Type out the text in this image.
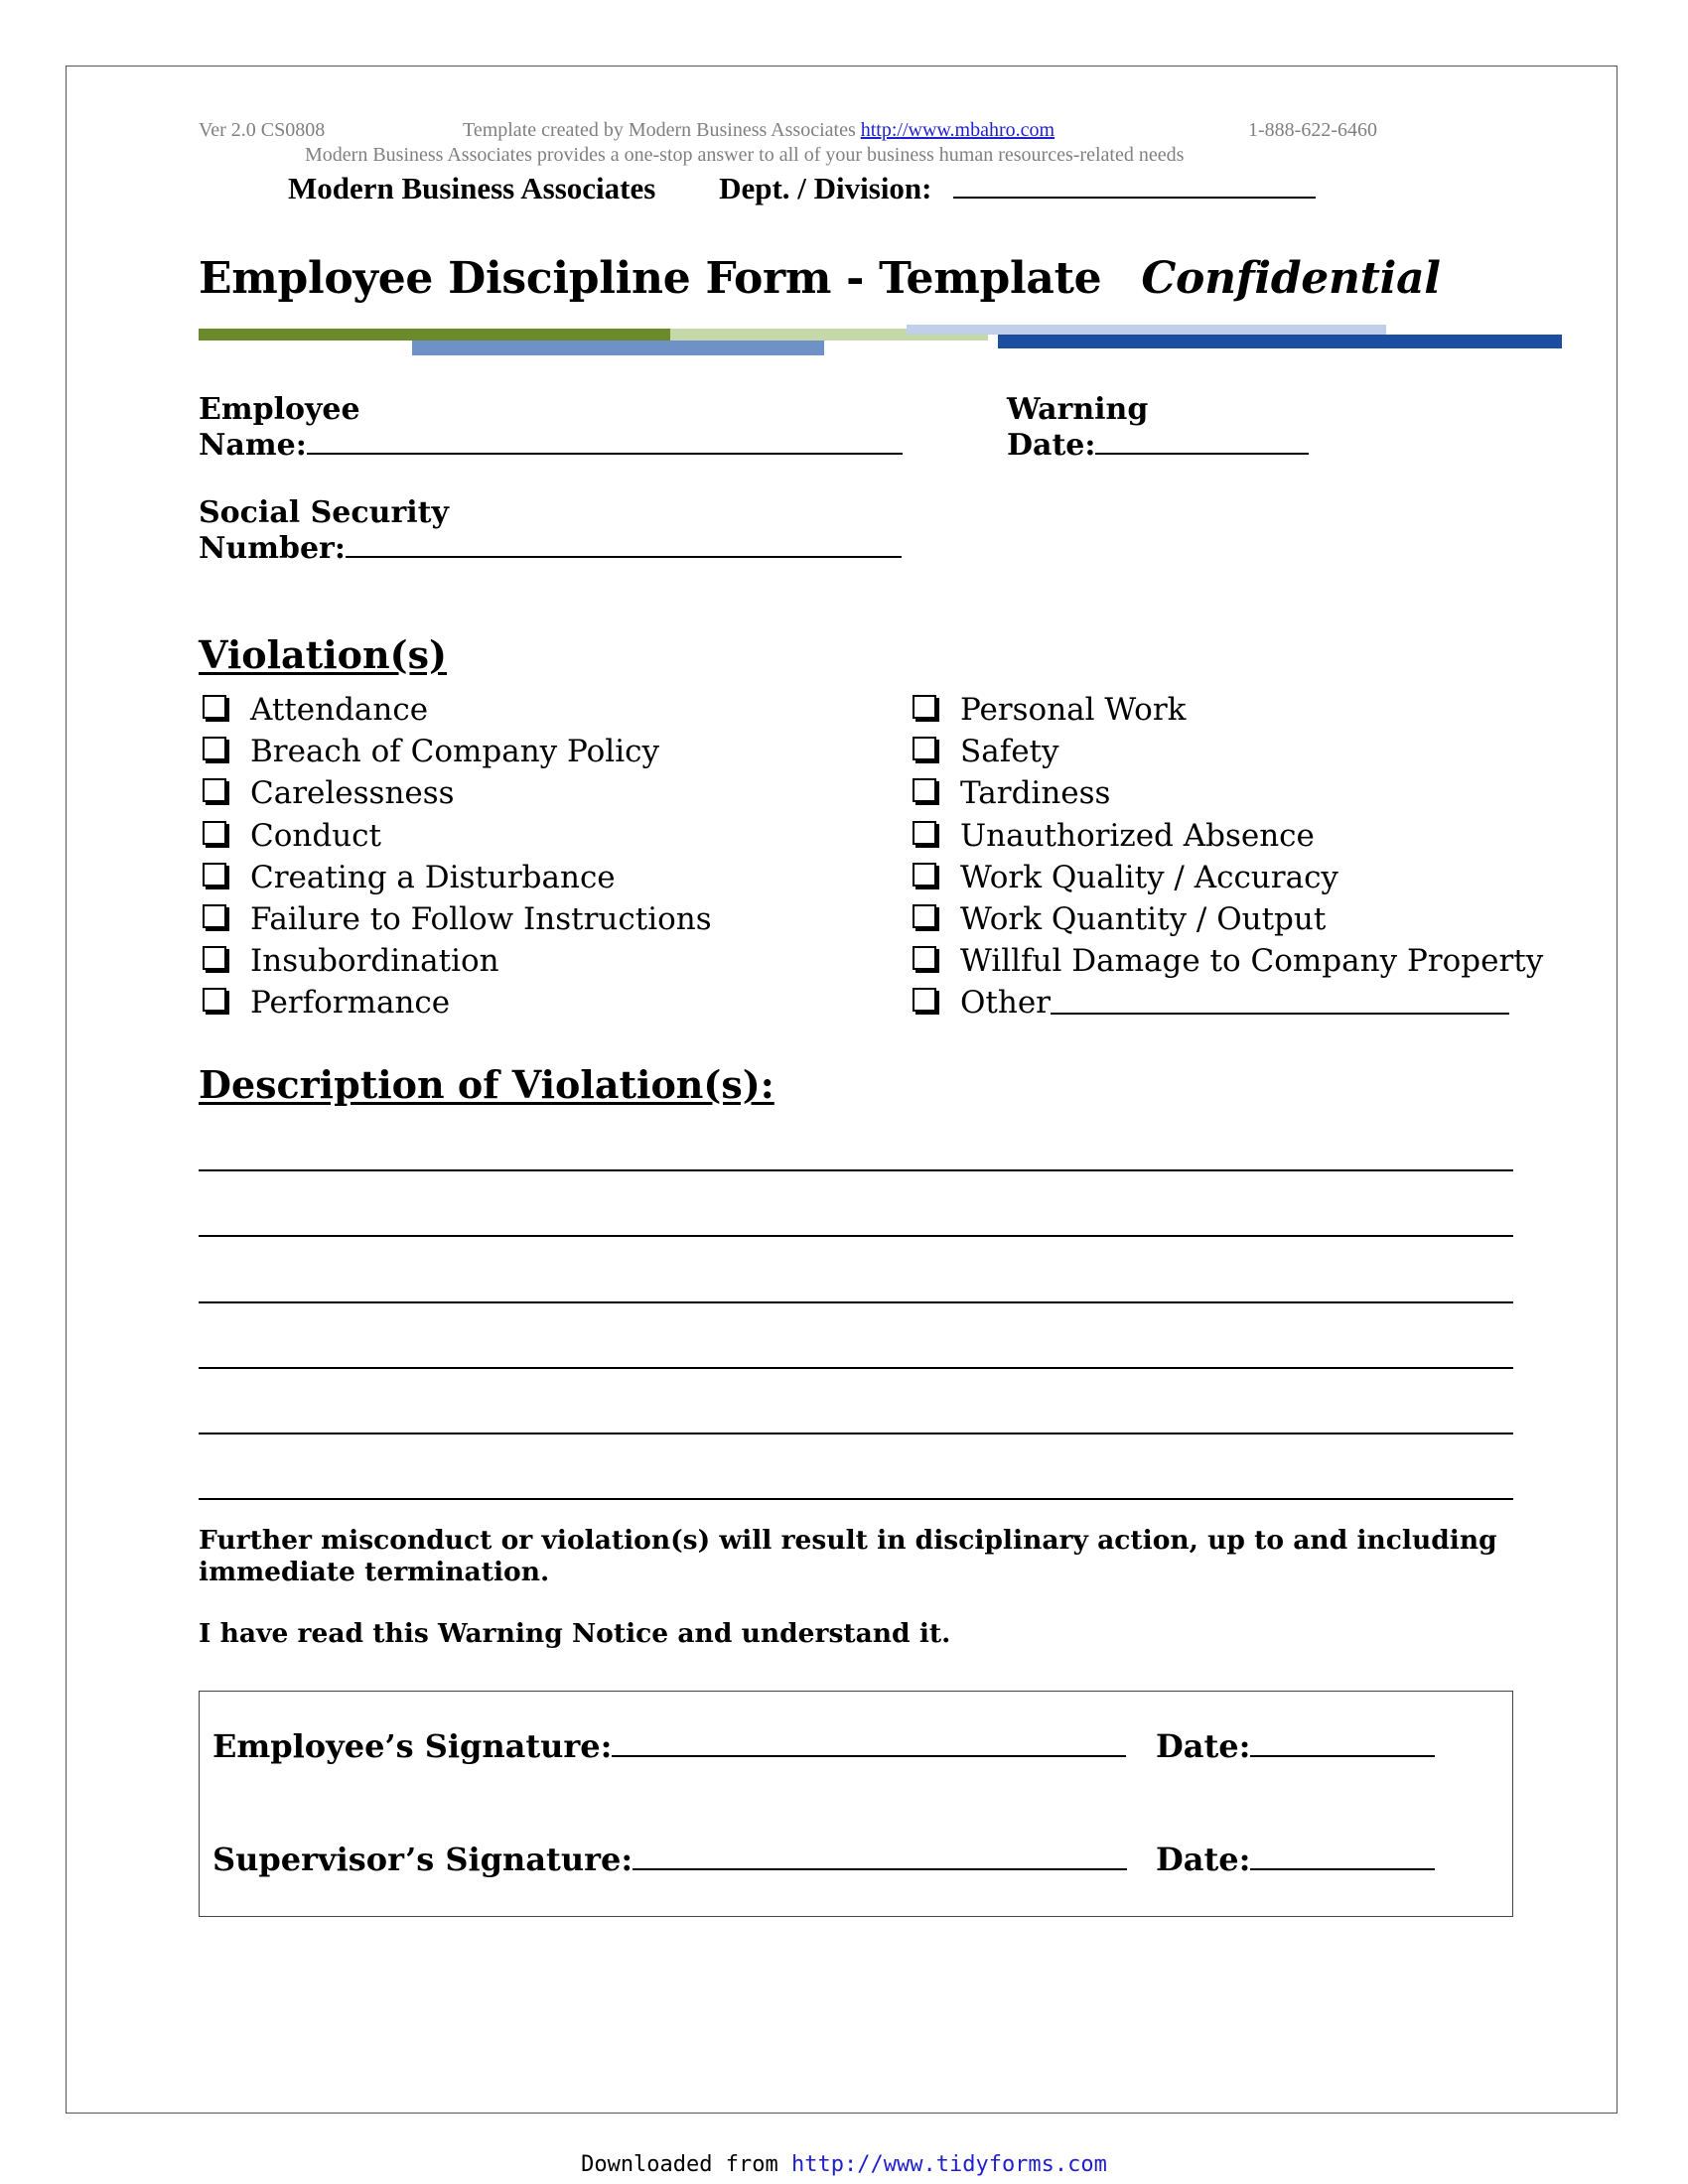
Ver 2.0 CS0808	Template created by Modern Business Associates http://www.mbahro.com	1-888-622-6460
Modern Business Associates provides a one-stop answer to all of your business human resources-related needs
Modern Business Associates Dept. / Division:
Employee Discipline Form - Template Confidential
Employee
Name:
Warning
Date:
Social Security
Number:
Violation(s)
Attendance
Breach of Company Policy
Carelessness
Conduct
Creating a Disturbance
Failure to Follow Instructions
Insubordination
Performance
Personal Work
Safety
Tardiness
Unauthorized Absence
Work Quality / Accuracy
Work Quantity / Output
Willful Damage to Company Property
Other
Description of Violation(s):
Further misconduct or violation(s) will result in disciplinary action, up to and including
immediate termination.
I have read this Warning Notice and understand it.
Employee’s Signature:	Date:
Supervisor’s Signature:	Date:
Downloaded from http://www.tidyforms.com
